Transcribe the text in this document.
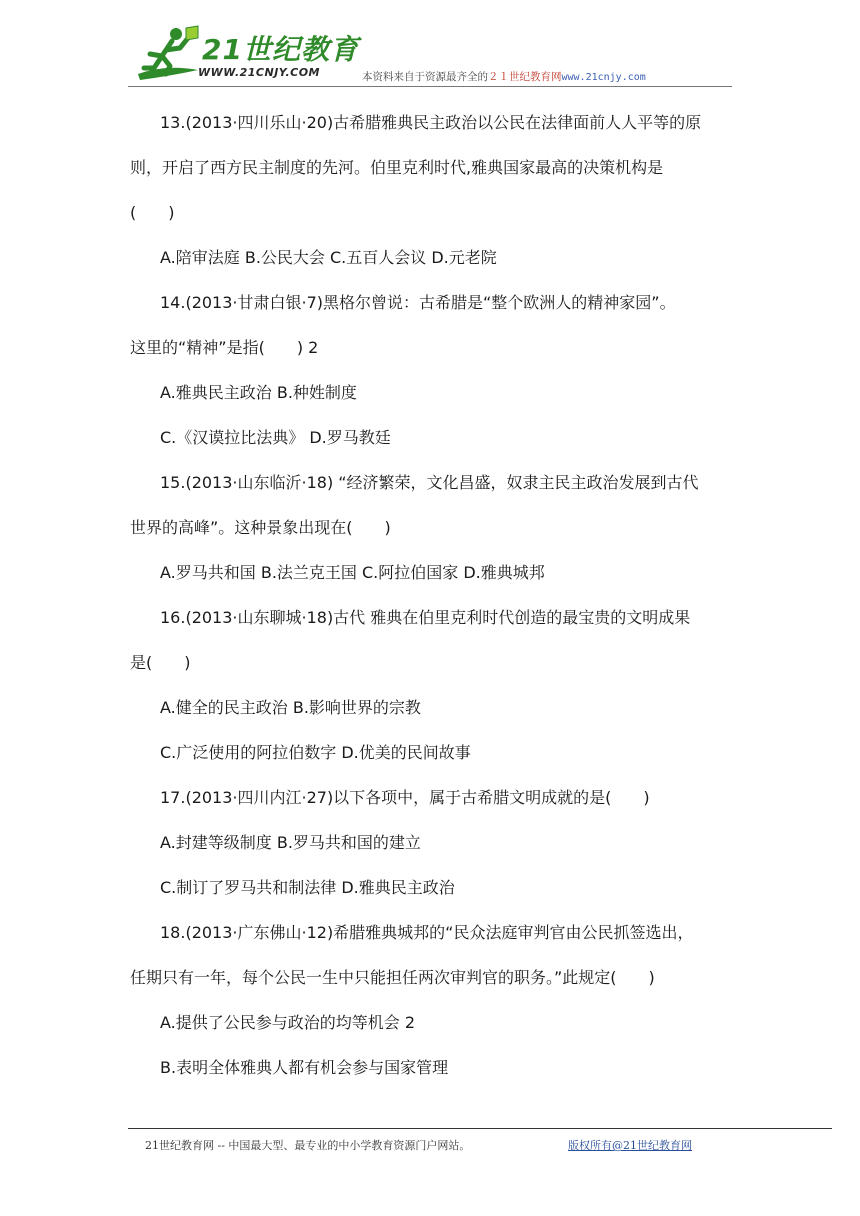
21世纪教育
WWW.21CNJY.COM	本资料来自于资源最齐全的２１世纪教育网www.21cnjy.com
13.(2013·四川乐山·20)古希腊雅典民主政治以公民在法律面前人人平等的原
则，开启了西方民主制度的先河。伯里克利时代,雅典国家最高的决策机构是
(　　)
A.陪审法庭 B.公民大会 C.五百人会议 D.元老院
14.(2013·甘肃白银·7)黑格尔曾说：古希腊是“整个欧洲人的精神家园”。
这里的“精神”是指(　　) 2
A.雅典民主政治 B.种姓制度
C.《汉谟拉比法典》 D.罗马教廷
15.(2013·山东临沂·18) “经济繁荣，文化昌盛，奴隶主民主政治发展到古代
世界的高峰”。这种景象出现在(　　)
A.罗马共和国 B.法兰克王国 C.阿拉伯国家 D.雅典城邦
16.(2013·山东聊城·18)古代 雅典在伯里克利时代创造的最宝贵的文明成果
是(　　)
A.健全的民主政治 B.影响世界的宗教
C.广泛使用的阿拉伯数字 D.优美的民间故事
17.(2013·四川内江·27)以下各项中，属于古希腊文明成就的是(　　)
A.封建等级制度 B.罗马共和国的建立
C.制订了罗马共和制法律 D.雅典民主政治
18.(2013·广东佛山·12)希腊雅典城邦的“民众法庭审判官由公民抓签选出，
任期只有一年，每个公民一生中只能担任两次审判官的职务。”此规定(　　)
A.提供了公民参与政治的均等机会 2
B.表明全体雅典人都有机会参与国家管理
21世纪教育网 -- 中国最大型、最专业的中小学教育资源门户网站。	版权所有@21世纪教育网
